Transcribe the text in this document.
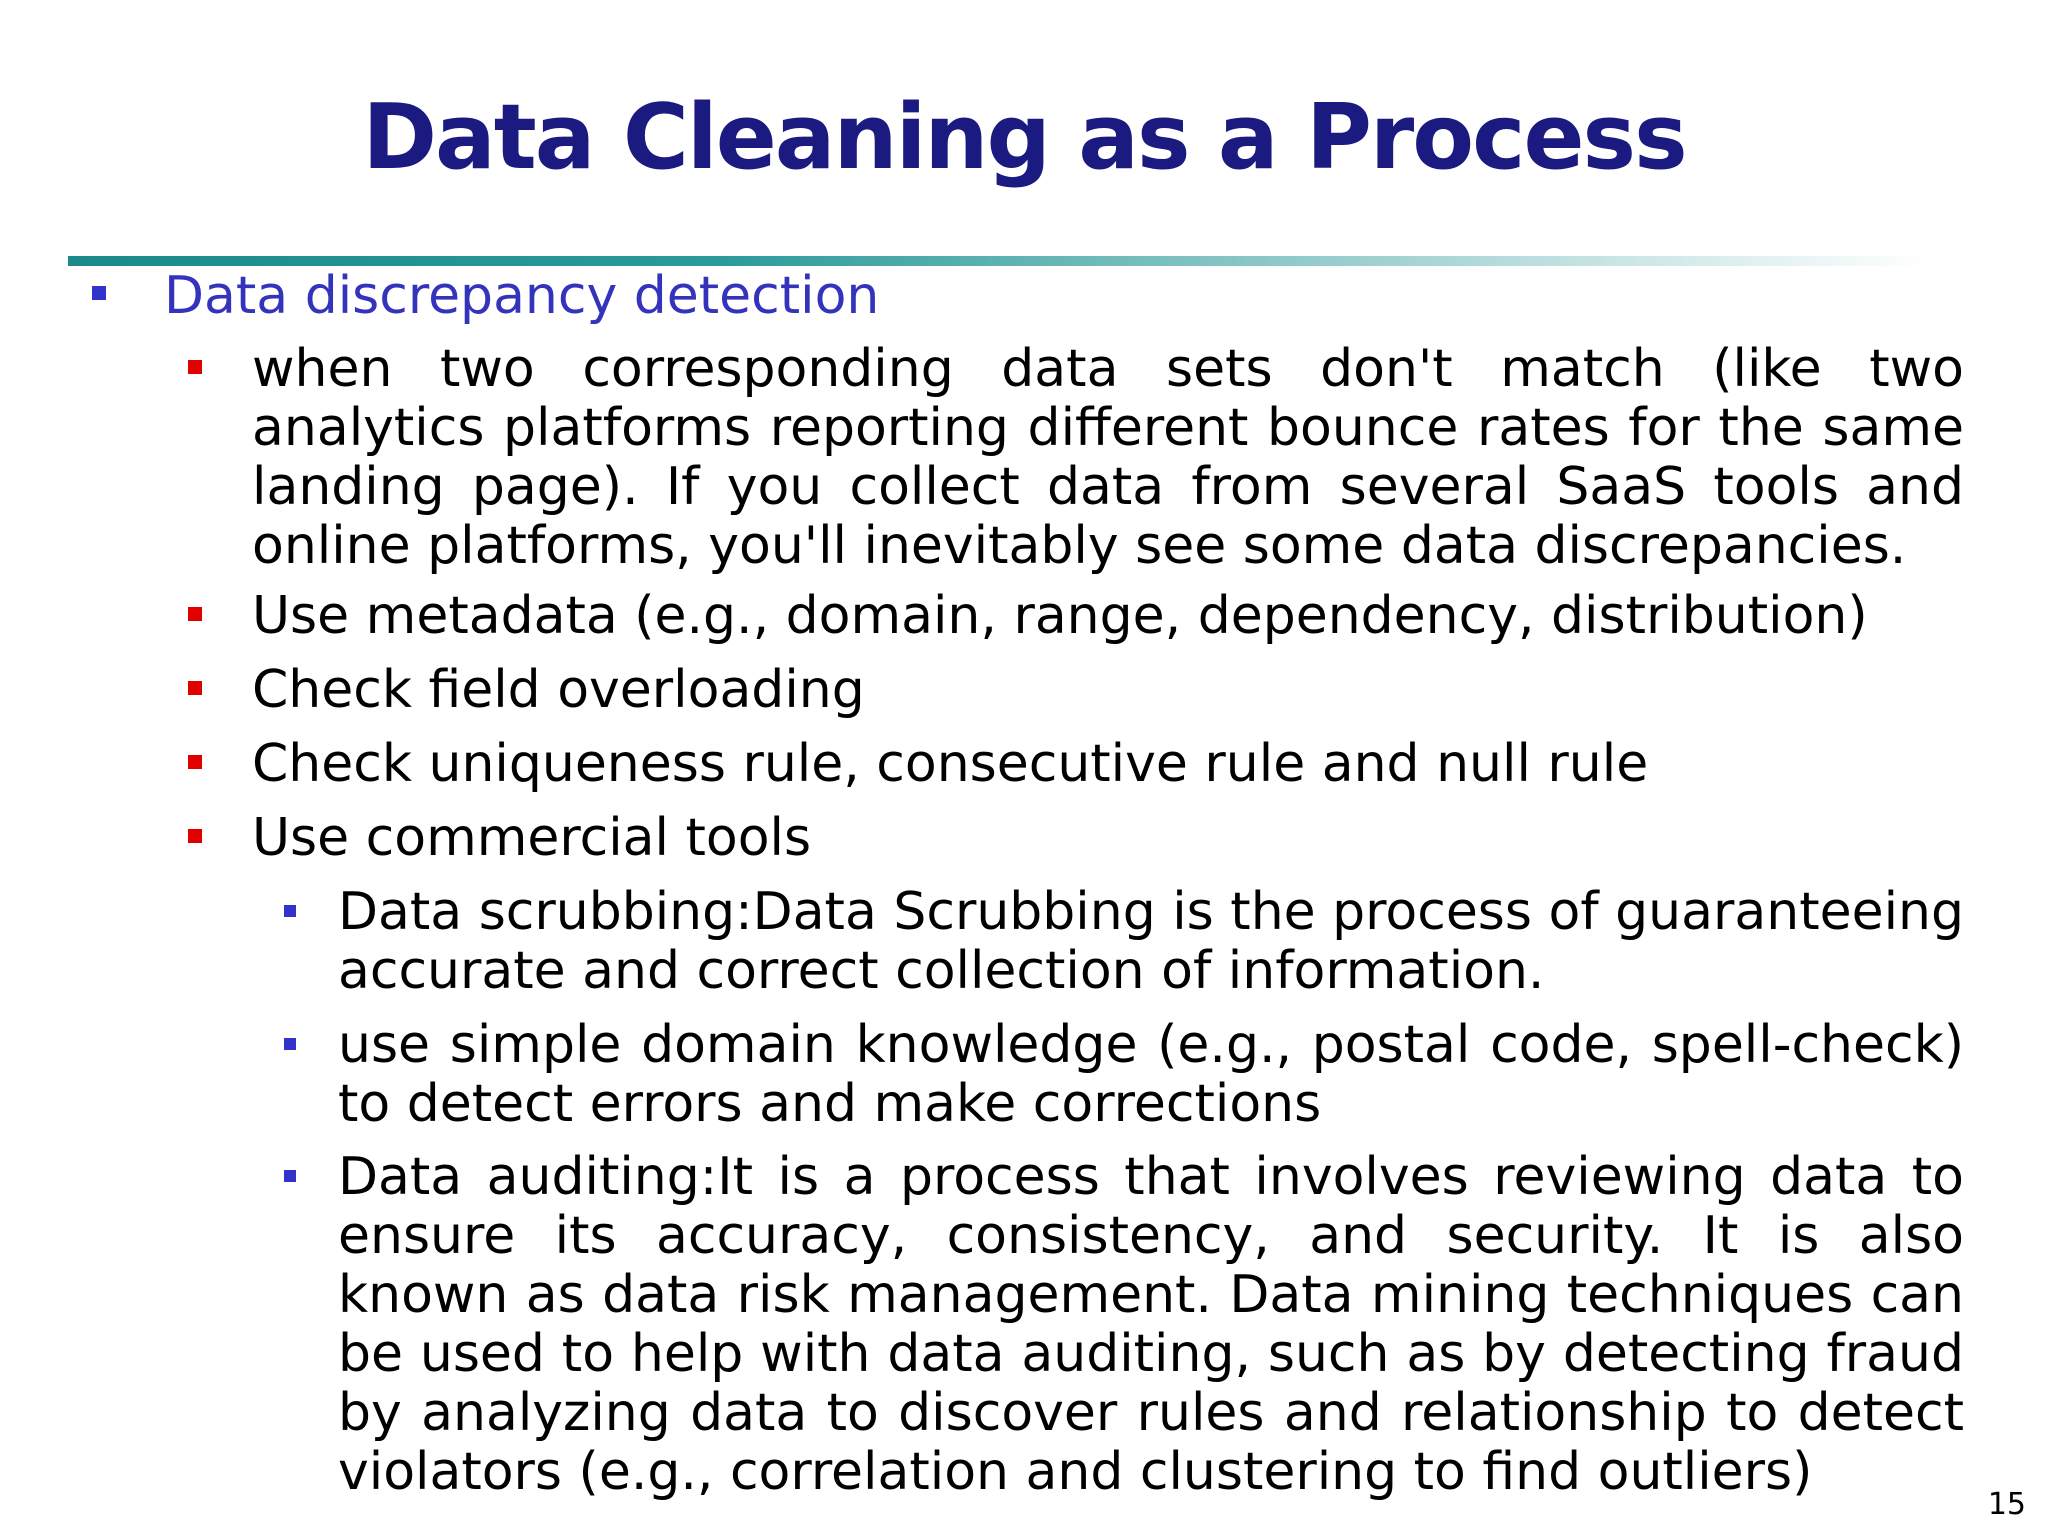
Data Cleaning as a Process

Data discrepancy detection

when two corresponding data sets don't match (like two analytics platforms reporting different bounce rates for the same landing page). If you collect data from several SaaS tools and online platforms, you'll inevitably see some data discrepancies.

Use metadata (e.g., domain, range, dependency, distribution)

Check field overloading

Check uniqueness rule, consecutive rule and null rule

Use commercial tools

Data scrubbing:Data Scrubbing is the process of guaranteeing accurate and correct collection of information.

use simple domain knowledge (e.g., postal code, spell-check) to detect errors and make corrections

Data auditing:It is a process that involves reviewing data to ensure its accuracy, consistency, and security. It is also known as data risk management. Data mining techniques can be used to help with data auditing, such as by detecting fraud by analyzing data to discover rules and relationship to detect violators (e.g., correlation and clustering to find outliers)

15
